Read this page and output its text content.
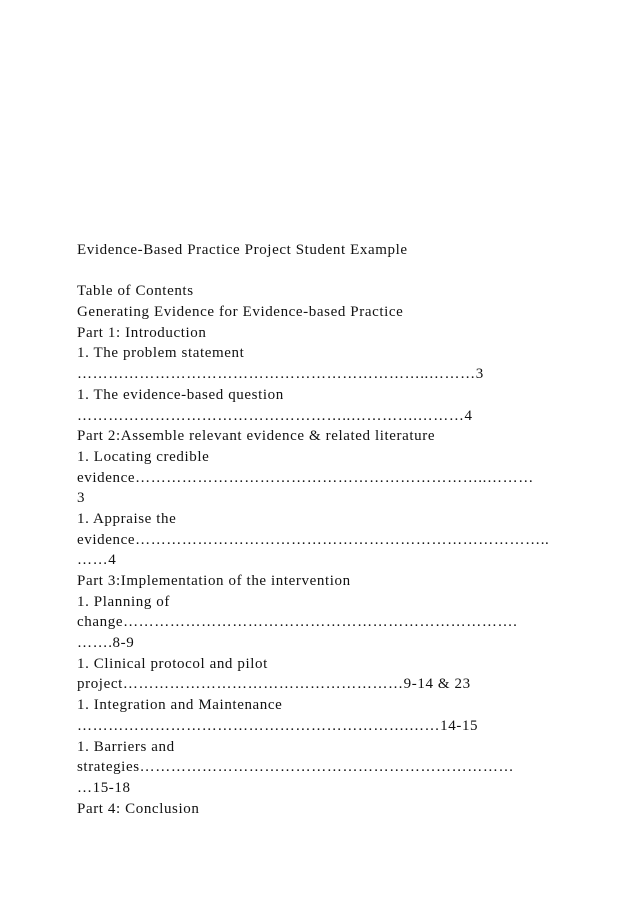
Evidence-Based Practice Project Student Example
Table of Contents
Generating Evidence for Evidence-based Practice
Part 1: Introduction
1. The problem statement
…………………………………………………………..………3
1. The evidence-based question
……………………………………………..………….………4
Part 2:Assemble relevant evidence & related literature
1. Locating credible
evidence…………………………………………………………..………
3
1. Appraise the
evidence……………………………………………………………………..
……4
Part 3:Implementation of the intervention
1. Planning of
change………………………………………………………………….
…….8-9
1. Clinical protocol and pilot
project………………………………………………9-14 & 23
1. Integration and Maintenance
……………………………………………………….……14-15
1. Barriers and
strategies………………………………………………………………
…15-18
Part 4: Conclusion
